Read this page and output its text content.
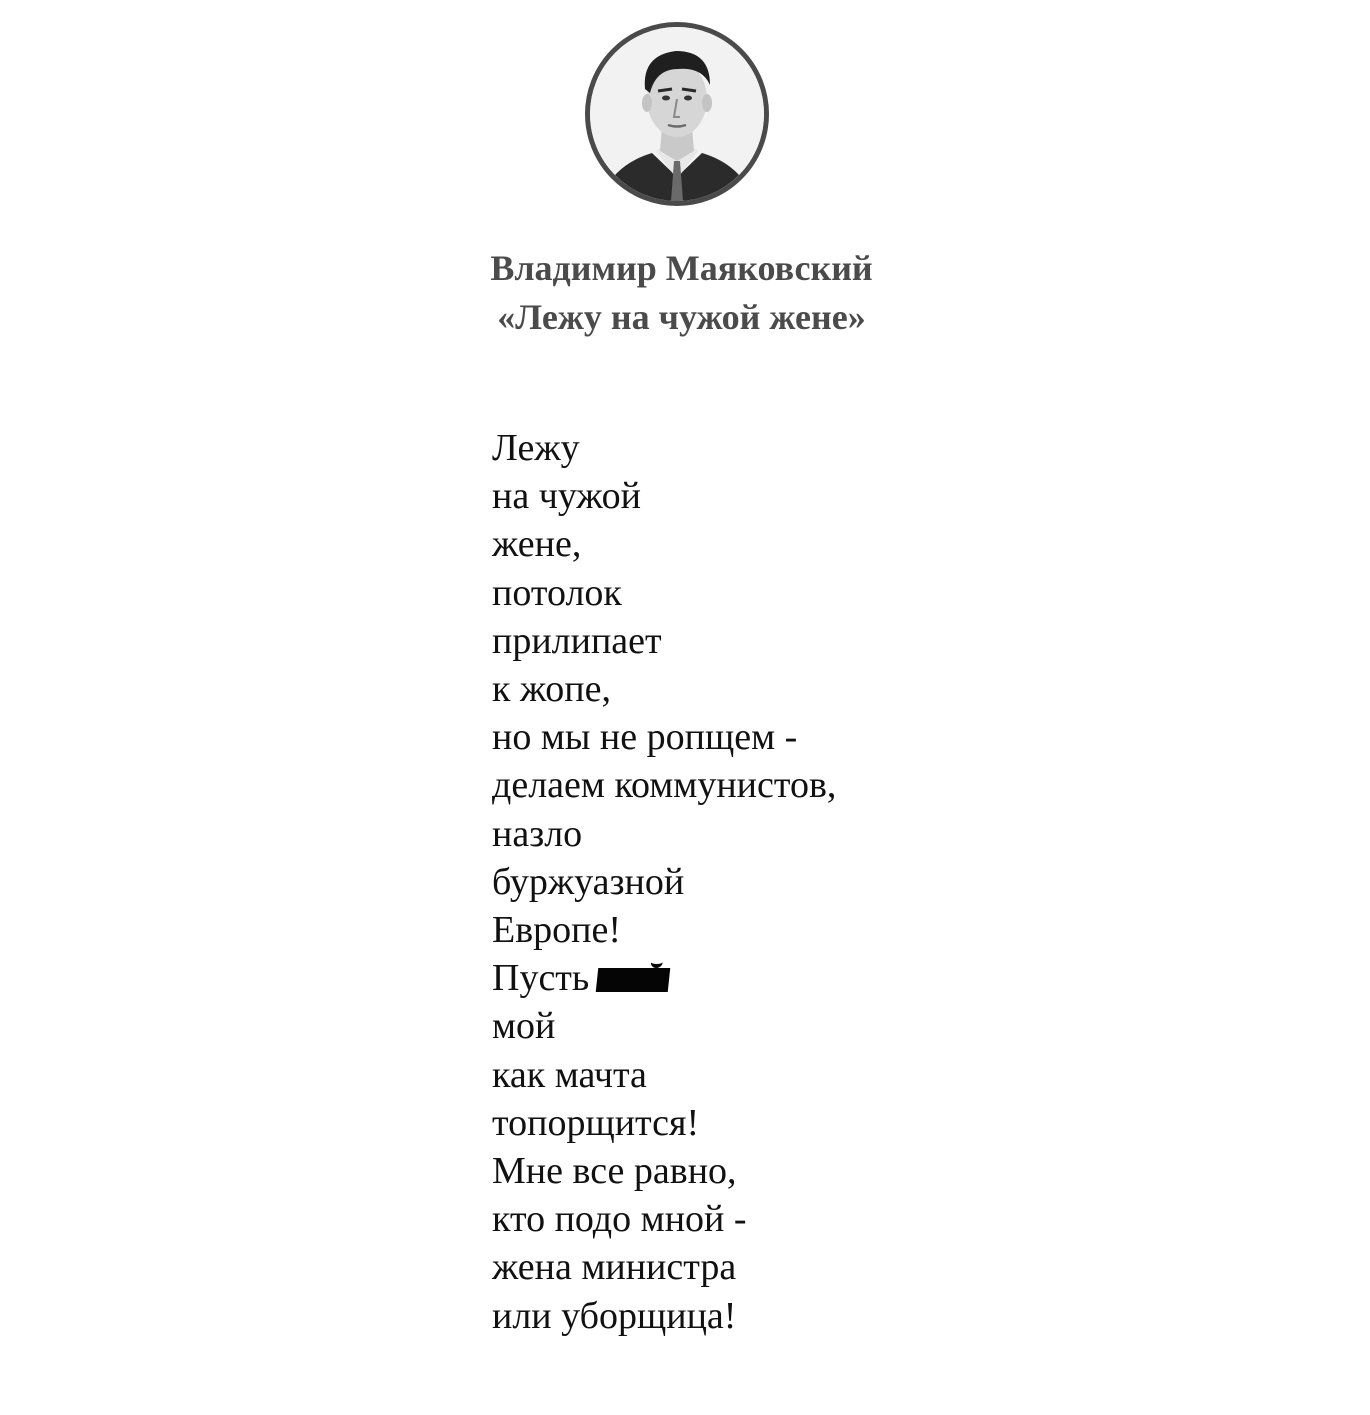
Владимир Маяковский
«Лежу на чужой жене»
Лежу
на чужой
жене,
потолок
прилипает
к жопе,
но мы не ропщем -
делаем коммунистов,
назло
буржуазной
Европе!
Пусть
мой
как мачта
топорщится!
Мне все равно,
кто подо мной -
жена министра
или уборщица!
